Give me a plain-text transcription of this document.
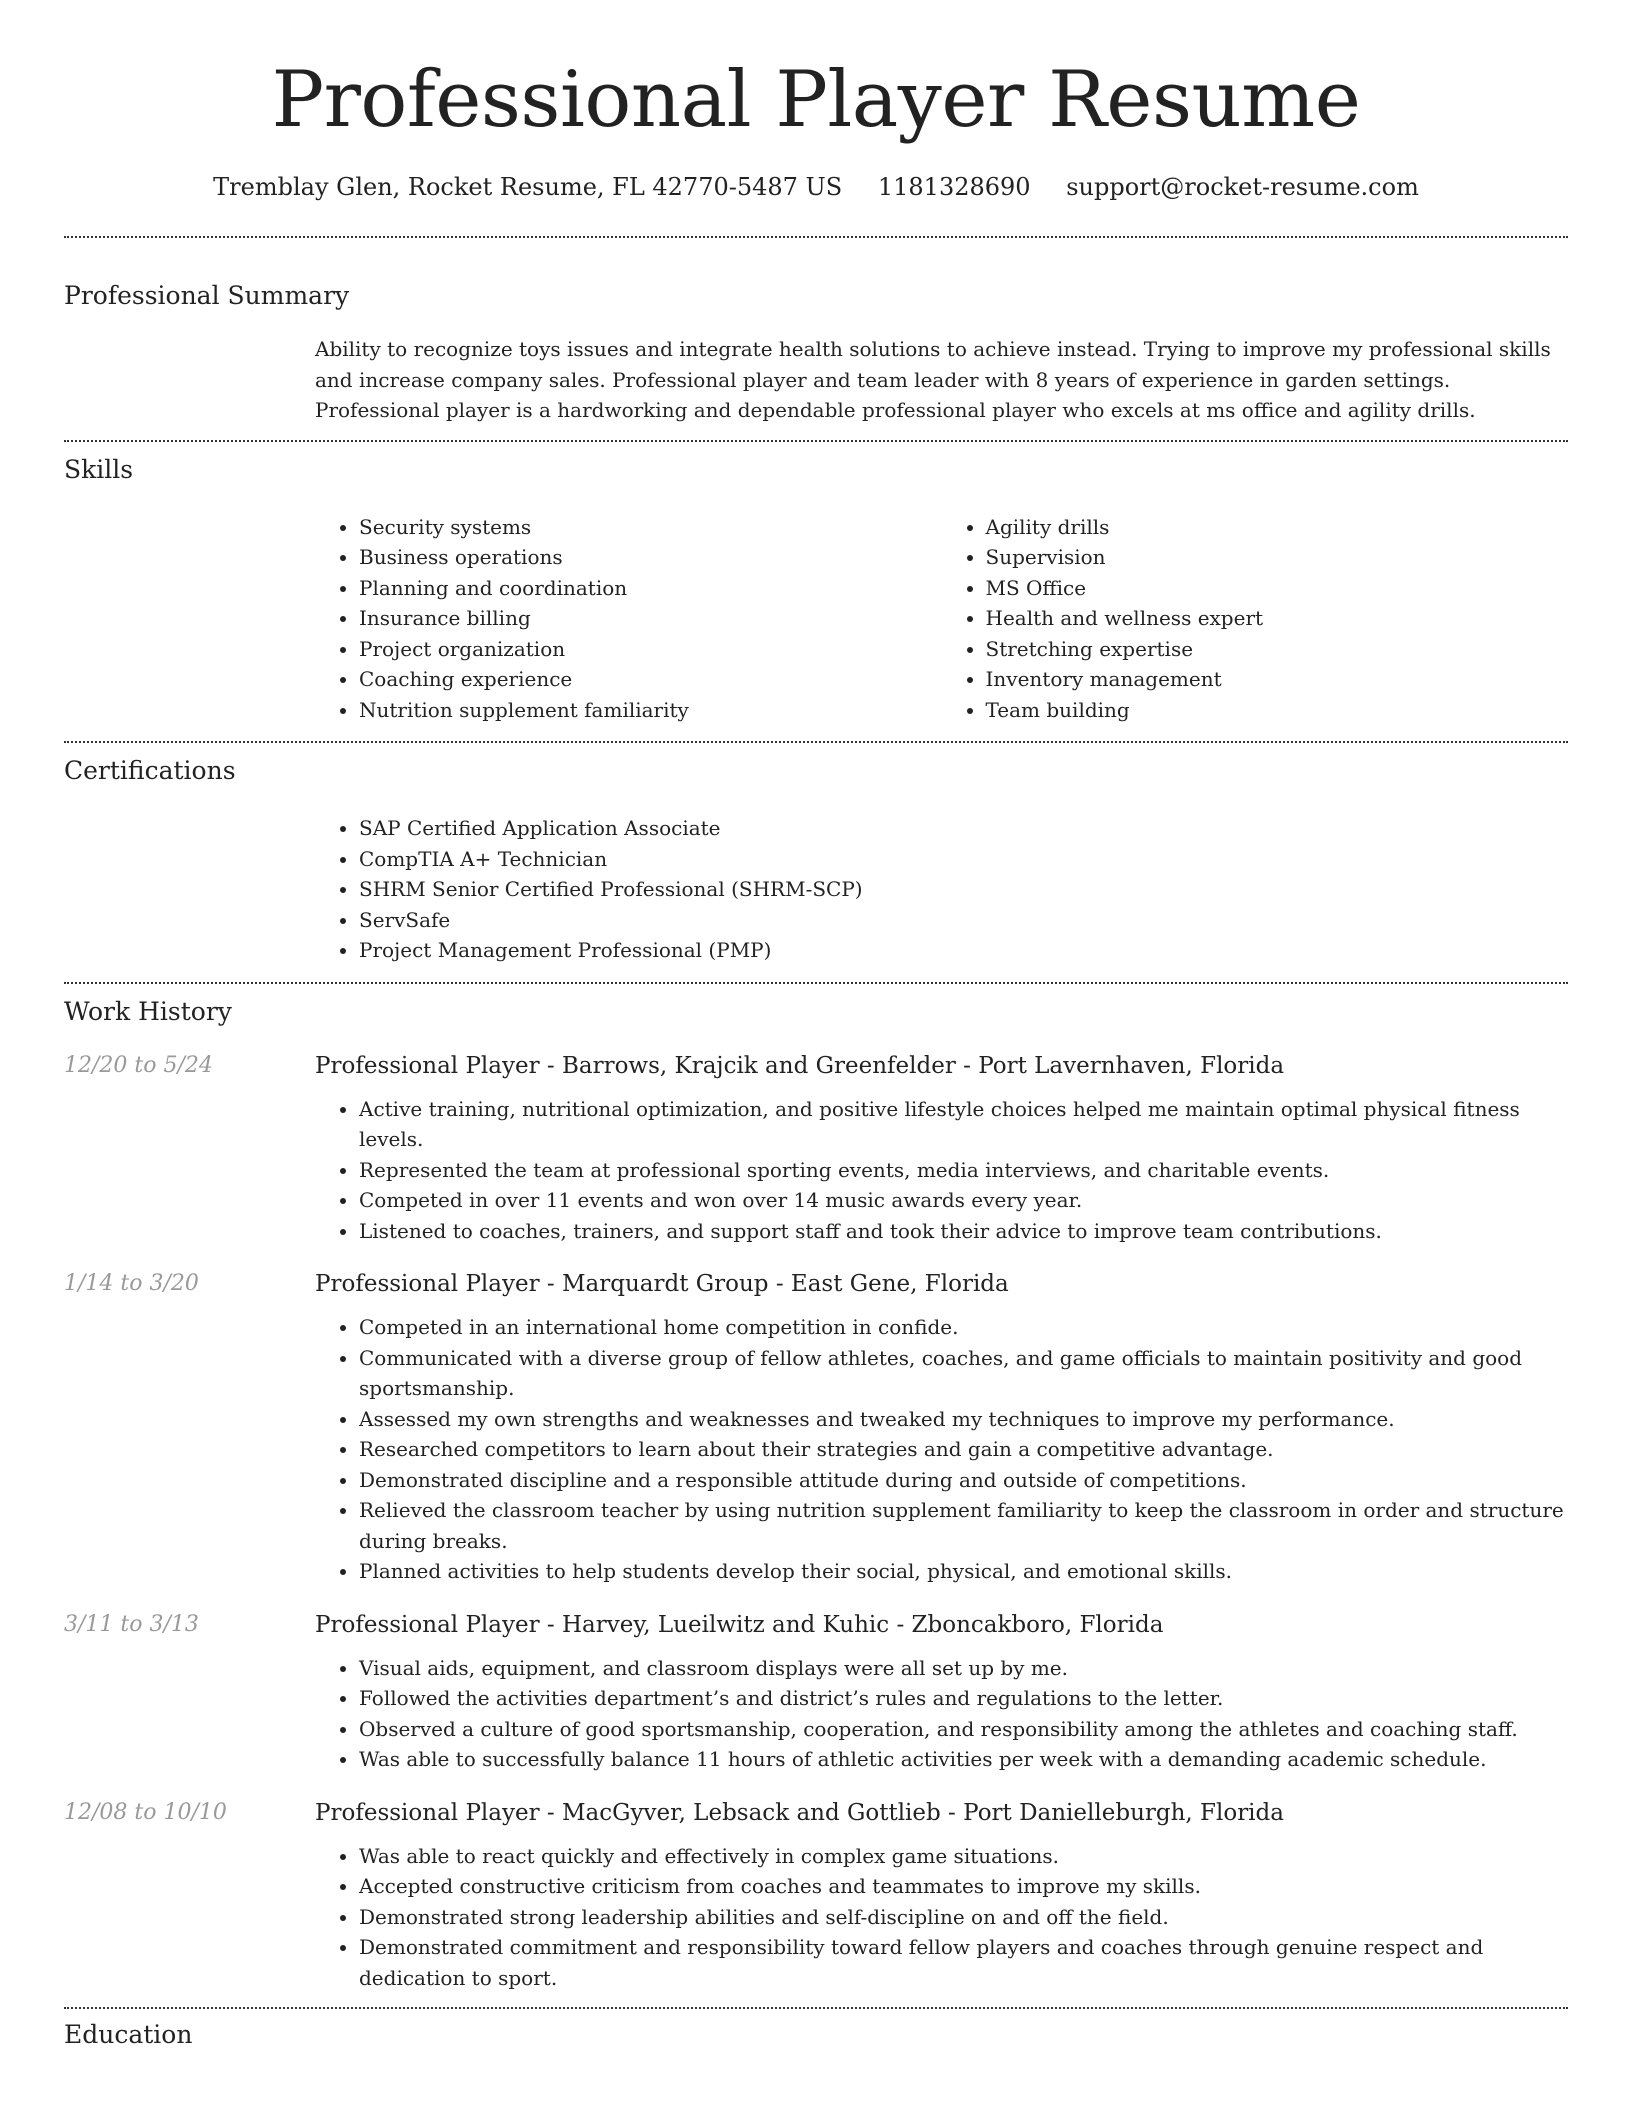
Professional Player Resume
Tremblay Glen, Rocket Resume, FL 42770-5487 US 1181328690 support@rocket-resume.com
Professional Summary
Ability to recognize toys issues and integrate health solutions to achieve instead. Trying to improve my professional skills and increase company sales. Professional player and team leader with 8 years of experience in garden settings. Professional player is a hardworking and dependable professional player who excels at ms office and agility drills.
Skills
• Security systems
• Business operations
• Planning and coordination
• Insurance billing
• Project organization
• Coaching experience
• Nutrition supplement familiarity
• Agility drills
• Supervision
• MS Office
• Health and wellness expert
• Stretching expertise
• Inventory management
• Team building
Certifications
• SAP Certified Application Associate
• CompTIA A+ Technician
• SHRM Senior Certified Professional (SHRM-SCP)
• ServSafe
• Project Management Professional (PMP)
Work History
12/20 to 5/24	Professional Player - Barrows, Krajcik and Greenfelder - Port Lavernhaven, Florida
• Active training, nutritional optimization, and positive lifestyle choices helped me maintain optimal physical fitness levels.
• Represented the team at professional sporting events, media interviews, and charitable events.
• Competed in over 11 events and won over 14 music awards every year.
• Listened to coaches, trainers, and support staff and took their advice to improve team contributions.
1/14 to 3/20	Professional Player - Marquardt Group - East Gene, Florida
• Competed in an international home competition in confide.
• Communicated with a diverse group of fellow athletes, coaches, and game officials to maintain positivity and good sportsmanship.
• Assessed my own strengths and weaknesses and tweaked my techniques to improve my performance.
• Researched competitors to learn about their strategies and gain a competitive advantage.
• Demonstrated discipline and a responsible attitude during and outside of competitions.
• Relieved the classroom teacher by using nutrition supplement familiarity to keep the classroom in order and structure during breaks.
• Planned activities to help students develop their social, physical, and emotional skills.
3/11 to 3/13	Professional Player - Harvey, Lueilwitz and Kuhic - Zboncakboro, Florida
• Visual aids, equipment, and classroom displays were all set up by me.
• Followed the activities department’s and district’s rules and regulations to the letter.
• Observed a culture of good sportsmanship, cooperation, and responsibility among the athletes and coaching staff.
• Was able to successfully balance 11 hours of athletic activities per week with a demanding academic schedule.
12/08 to 10/10	Professional Player - MacGyver, Lebsack and Gottlieb - Port Danielleburgh, Florida
• Was able to react quickly and effectively in complex game situations.
• Accepted constructive criticism from coaches and teammates to improve my skills.
• Demonstrated strong leadership abilities and self-discipline on and off the field.
• Demonstrated commitment and responsibility toward fellow players and coaches through genuine respect and dedication to sport.
Education
